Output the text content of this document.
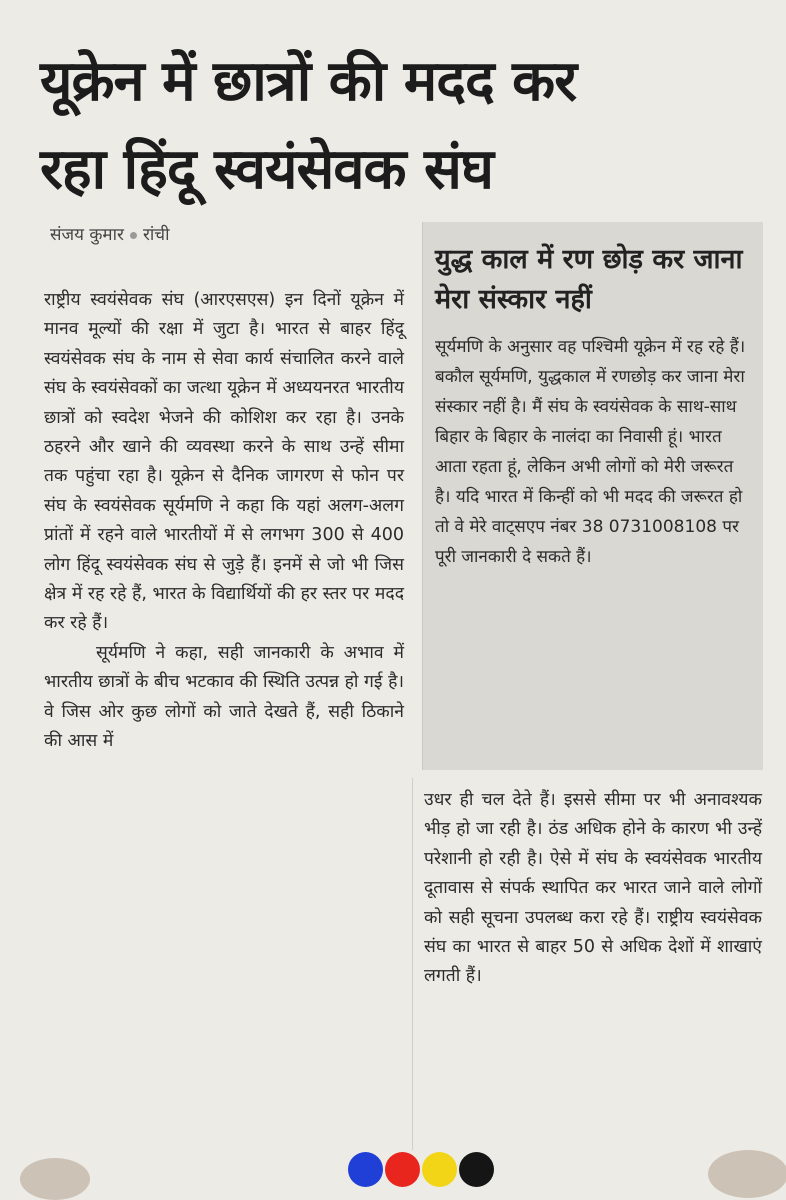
यूक्रेन में छात्रों की मदद कर
रहा हिंदू स्वयंसेवक संघ
संजय कुमार रांची

राष्ट्रीय स्वयंसेवक संघ (आरएसएस) इन दिनों यूक्रेन में मानव मूल्यों की रक्षा में जुटा है। भारत से बाहर हिंदू स्वयंसेवक संघ के नाम से सेवा कार्य संचालित करने वाले संघ के स्वयंसेवकों का जत्था यूक्रेन में अध्ययनरत भारतीय छात्रों को स्वदेश भेजने की कोशिश कर रहा है। उनके ठहरने और खाने की व्यवस्था करने के साथ उन्हें सीमा तक पहुंचा रहा है। यूक्रेन से दैनिक जागरण से फोन पर संघ के स्वयंसेवक सूर्यमणि ने कहा कि यहां अलग-अलग प्रांतों में रहने वाले भारतीयों में से लगभग 300 से 400 लोग हिंदू स्वयंसेवक संघ से जुड़े हैं। इनमें से जो भी जिस क्षेत्र में रह रहे हैं, भारत के विद्यार्थियों की हर स्तर पर मदद कर रहे हैं।

सूर्यमणि ने कहा, सही जानकारी के अभाव में भारतीय छात्रों के बीच भटकाव की स्थिति उत्पन्न हो गई है। वे जिस ओर कुछ लोगों को जाते देखते हैं, सही ठिकाने की आस में

युद्ध काल में रण छोड़ कर जाना मेरा संस्कार नहीं
सूर्यमणि के अनुसार वह पश्चिमी यूक्रेन में रह रहे हैं। बकौल सूर्यमणि, युद्धकाल में रणछोड़ कर जाना मेरा संस्कार नहीं है। मैं संघ के स्वयंसेवक के साथ-साथ बिहार के बिहार के नालंदा का निवासी हूं। भारत आता रहता हूं, लेकिन अभी लोगों को मेरी जरूरत है। यदि भारत में किन्हीं को भी मदद की जरूरत हो तो वे मेरे वाट्सएप नंबर 38 0731008108 पर पूरी जानकारी दे सकते हैं।

उधर ही चल देते हैं। इससे सीमा पर भी अनावश्यक भीड़ हो जा रही है। ठंड अधिक होने के कारण भी उन्हें परेशानी हो रही है। ऐसे में संघ के स्वयंसेवक भारतीय दूतावास से संपर्क स्थापित कर भारत जाने वाले लोगों को सही सूचना उपलब्ध करा रहे हैं। राष्ट्रीय स्वयंसेवक संघ का भारत से बाहर 50 से अधिक देशों में शाखाएं लगती हैं।
